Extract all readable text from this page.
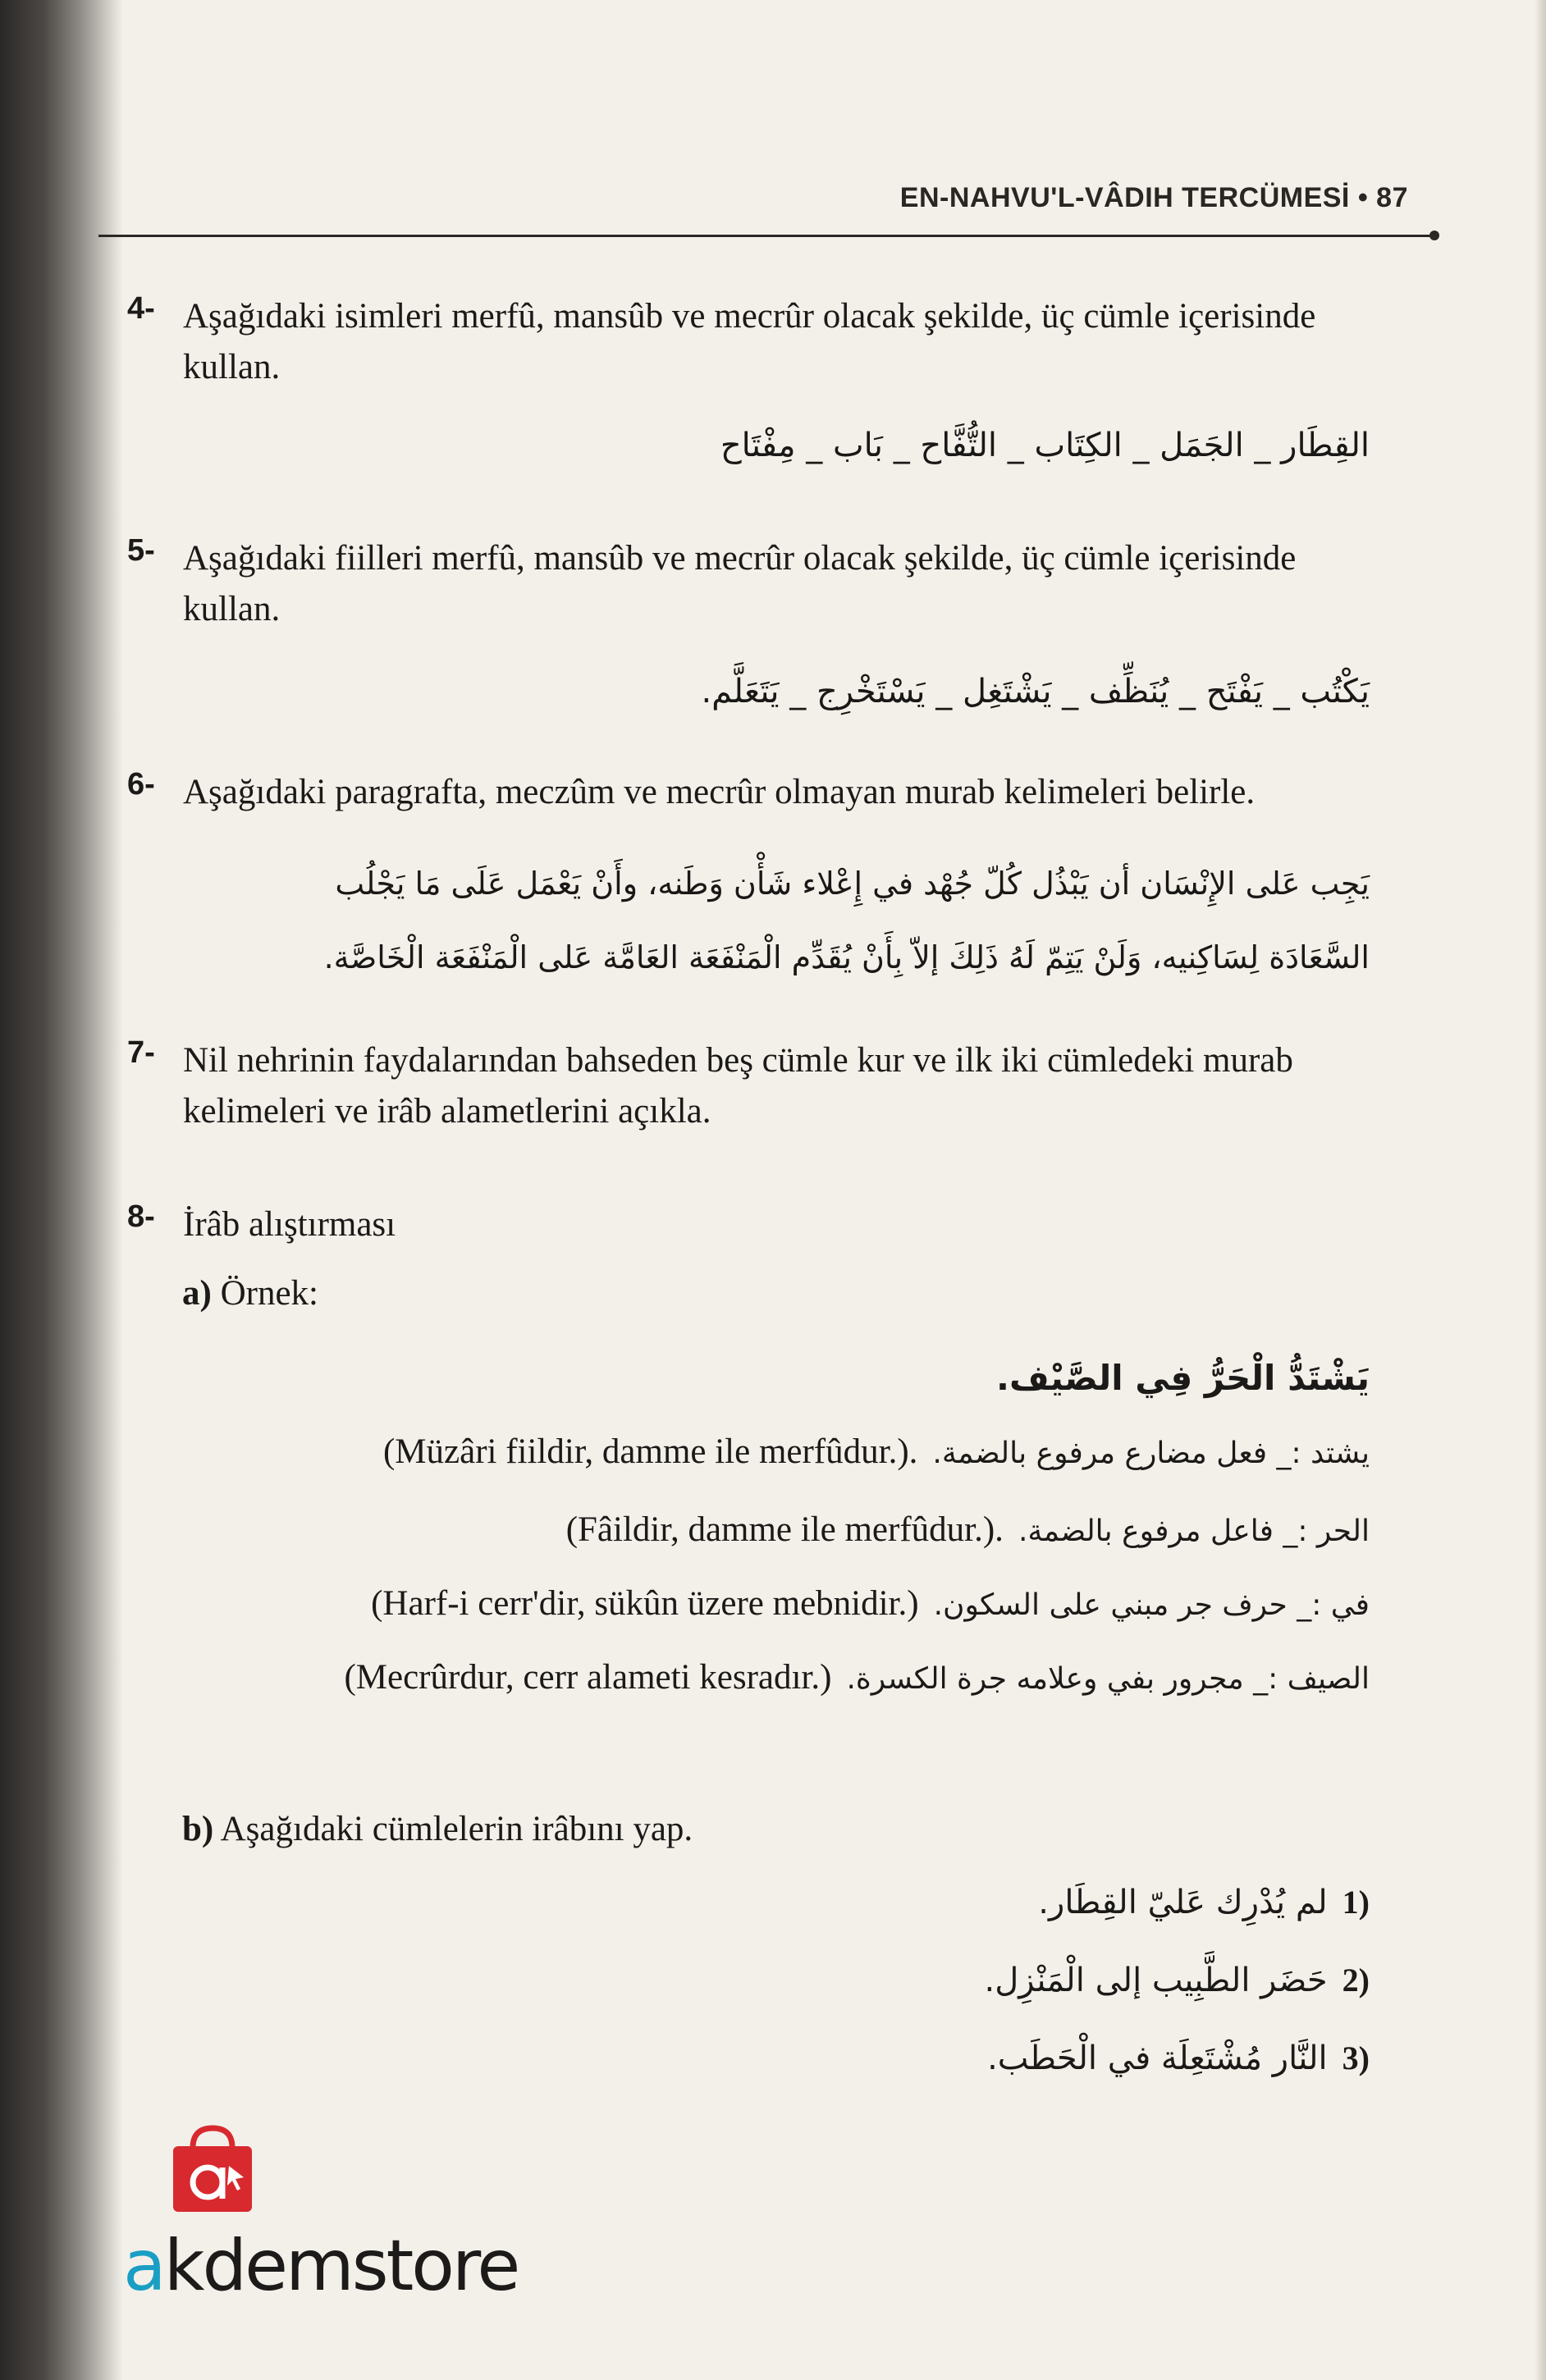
EN-NAHVU'L-VÂDIH TERCÜMESİ • 87
4- Aşağıdaki isimleri merfû, mansûb ve mecrûr olacak şekilde, üç cümle içerisinde kullan.
القِطَار _ الجَمَل _ الكِتَاب _ التُّفَّاح _ بَاب _ مِفْتَاح
5- Aşağıdaki fiilleri merfû, mansûb ve mecrûr olacak şekilde, üç cümle içerisinde kullan.
يَكْتُب _ يَفْتَح _ يُنَظِّف _ يَشْتَغِل _ يَسْتَخْرِج _ يَتَعَلَّم.
6- Aşağıdaki paragrafta, meczûm ve mecrûr olmayan murab kelimeleri belirle.
يَجِب عَلى الإِنْسَان أن يَبْذُل كُلّ جُهْد في إِعْلاء شَأْن وَطَنه، وأَنْ يَعْمَل عَلَى مَا يَجْلُب
السَّعَادَة لِسَاكِنيه، وَلَنْ يَتِمّ لَهُ ذَلِكَ إلاّ بِأَنْ يُقَدِّم الْمَنْفَعَة العَامَّة عَلى الْمَنْفَعَة الْخَاصَّة.
7- Nil nehrinin faydalarından bahseden beş cümle kur ve ilk iki cümledeki murab kelimeleri ve irâb alametlerini açıkla.
8- İrâb alıştırması
a) Örnek:
يَشْتَدُّ الْحَرُّ فِي الصَّيْف.
(Müzâri fiildir, damme ile merfûdur.). يشتد :_ فعل مضارع مرفوع بالضمة.
(Fâildir, damme ile merfûdur.). الحر :_ فاعل مرفوع بالضمة.
(Harf-i cerr'dir, sükûn üzere mebnidir.) في :_ حرف جر مبني على السكون.
(Mecrûrdur, cerr alameti kesradır.) الصيف :_ مجرور بفي وعلامه جرة الكسرة.
b) Aşağıdaki cümlelerin irâbını yap.
لم يُدْرِك عَليّ القِطَار. 1)
حَضَر الطَّبِيب إلى الْمَنْزِل. 2)
النَّار مُشْتَعِلَة في الْحَطَب. 3)
akdemstore
